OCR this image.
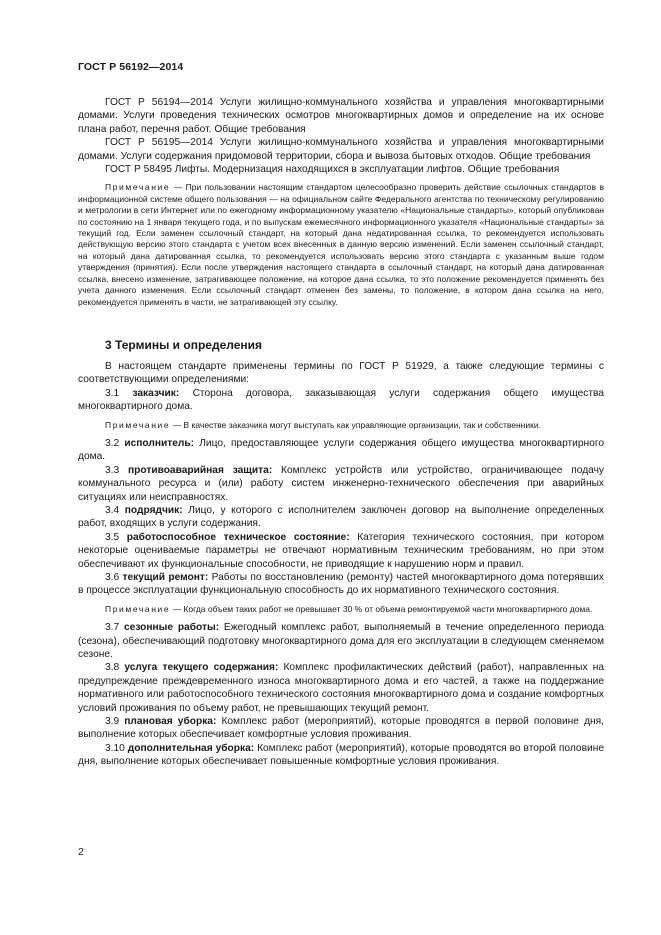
ГОСТ Р 56192—2014

ГОСТ Р 56194—2014 Услуги жилищно-коммунального хозяйства и управления многоквартирными домами. Услуги проведения технических осмотров многоквартирных домов и определение на их основе плана работ, перечня работ. Общие требования

ГОСТ Р 56195—2014 Услуги жилищно-коммунального хозяйства и управления многоквартирными домами. Услуги содержания придомовой территории, сбора и вывоза бытовых отходов. Общие требования

ГОСТ Р 58495 Лифты. Модернизация находящихся в эксплуатации лифтов. Общие требования

Примечание — При пользовании настоящим стандартом целесообразно проверить действие ссылочных стандартов в информационной системе общего пользования — на официальном сайте Федерального агентства по техническому регулированию и метрологии в сети Интернет или по ежегодному информационному указателю «Национальные стандарты», который опубликован по состоянию на 1 января текущего года, и по выпускам ежемесячного информационного указателя «Национальные стандарты» за текущий год. Если заменен ссылочный стандарт, на который дана недатированная ссылка, то рекомендуется использовать действующую версию этого стандарта с учетом всех внесенных в данную версию изменений. Если заменен ссылочный стандарт, на который дана датированная ссылка, то рекомендуется использовать версию этого стандарта с указанным выше годом утверждения (принятия). Если после утверждения настоящего стандарта в ссылочный стандарт, на который дана датированная ссылка, внесено изменение, затрагивающее положение, на которое дана ссылка, то это положение рекомендуется применять без учета данного изменения. Если ссылочный стандарт отменен без замены, то положение, в котором дана ссылка на него, рекомендуется применять в части, не затрагивающей эту ссылку.

3 Термины и определения

В настоящем стандарте применены термины по ГОСТ Р 51929, а также следующие термины с соответствующими определениями:

3.1 заказчик: Сторона договора, заказывающая услуги содержания общего имущества многоквартирного дома.

Примечание — В качестве заказчика могут выступать как управляющие организации, так и собственники.

3.2 исполнитель: Лицо, предоставляющее услуги содержания общего имущества многоквартирного дома.

3.3 противоаварийная защита: Комплекс устройств или устройство, ограничивающее подачу коммунального ресурса и (или) работу систем инженерно-технического обеспечения при аварийных ситуациях или неисправностях.

3.4 подрядчик: Лицо, у которого с исполнителем заключен договор на выполнение определенных работ, входящих в услуги содержания.

3.5 работоспособное техническое состояние: Категория технического состояния, при котором некоторые оцениваемые параметры не отвечают нормативным техническим требованиям, но при этом обеспечивают их функциональные способности, не приводящие к нарушению норм и правил.

3.6 текущий ремонт: Работы по восстановлению (ремонту) частей многоквартирного дома потерявших в процессе эксплуатации функциональную способность до их нормативного технического состояния.

Примечание — Когда объем таких работ не превышает 30 % от объема ремонтируемой части многоквартирного дома.

3.7 сезонные работы: Ежегодный комплекс работ, выполняемый в течение определенного периода (сезона), обеспечивающий подготовку многоквартирного дома для его эксплуатации в следующем сменяемом сезоне.

3.8 услуга текущего содержания: Комплекс профилактических действий (работ), направленных на предупреждение преждевременного износа многоквартирного дома и его частей, а также на поддержание нормативного или работоспособного технического состояния многоквартирного дома и создание комфортных условий проживания по объему работ, не превышающих текущий ремонт.

3.9 плановая уборка: Комплекс работ (мероприятий), которые проводятся в первой половине дня, выполнение которых обеспечивает комфортные условия проживания.

3.10 дополнительная уборка: Комплекс работ (мероприятий), которые проводятся во второй половине дня, выполнение которых обеспечивает повышенные комфортные условия проживания.

2
